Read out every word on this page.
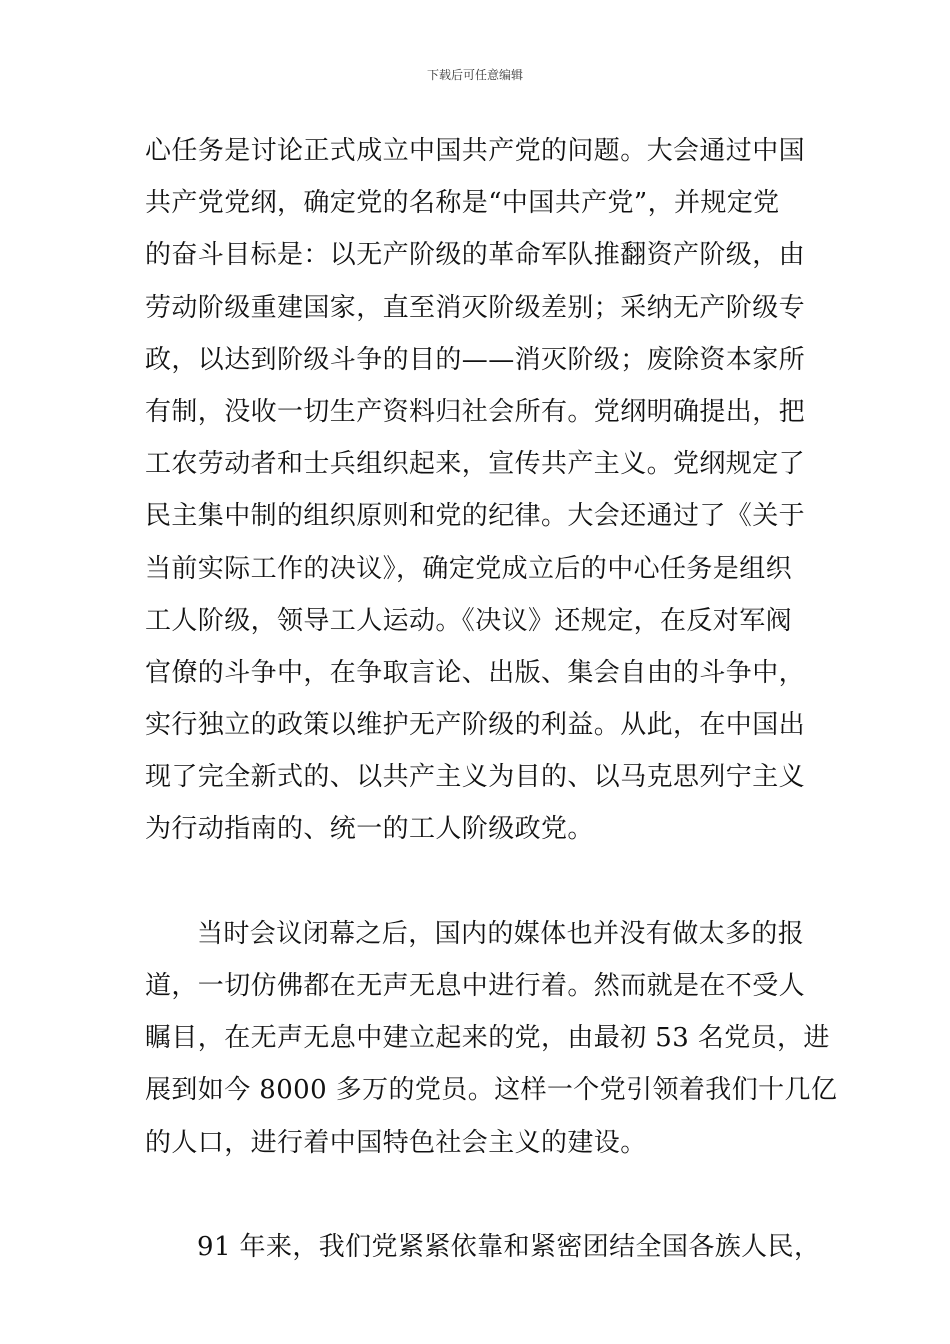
下载后可任意编辑
心任务是讨论正式成立中国共产党的问题。大会通过中国
共产党党纲，确定党的名称是“中国共产党”，并规定党
的奋斗目标是：以无产阶级的革命军队推翻资产阶级，由
劳动阶级重建国家，直至消灭阶级差别；采纳无产阶级专
政，以达到阶级斗争的目的——消灭阶级；废除资本家所
有制，没收一切生产资料归社会所有。党纲明确提出，把
工农劳动者和士兵组织起来，宣传共产主义。党纲规定了
民主集中制的组织原则和党的纪律。大会还通过了《关于
当前实际工作的决议》，确定党成立后的中心任务是组织
工人阶级，领导工人运动。《决议》还规定，在反对军阀
官僚的斗争中，在争取言论、出版、集会自由的斗争中，
实行独立的政策以维护无产阶级的利益。从此，在中国出
现了完全新式的、以共产主义为目的、以马克思列宁主义
为行动指南的、统一的工人阶级政党。
当时会议闭幕之后，国内的媒体也并没有做太多的报
道，一切仿佛都在无声无息中进行着。然而就是在不受人
瞩目，在无声无息中建立起来的党，由最初 53 名党员，进
展到如今 8000 多万的党员。这样一个党引领着我们十几亿
的人口，进行着中国特色社会主义的建设。
91 年来，我们党紧紧依靠和紧密团结全国各族人民，
